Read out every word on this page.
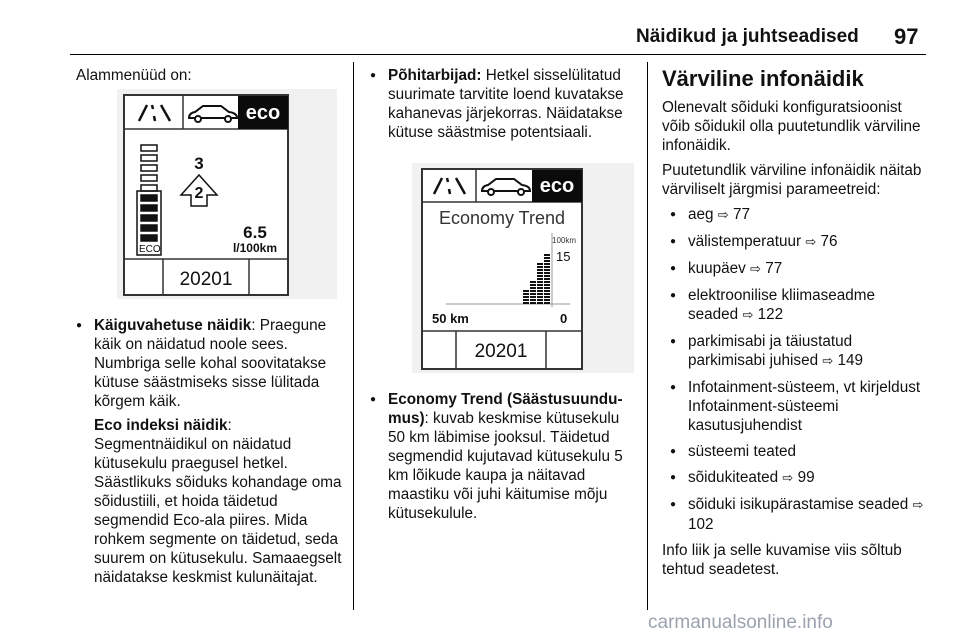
Näidikud ja juhtseadised 97

Alammenüüd on:

eco
ECO
3
2
6.5
l/100km
20201

● Käiguvahetuse näidik: Praegune käik on näidatud noole sees. Numbriga selle kohal soovitatakse kütuse säästmiseks sisse lülitada kõrgem käik.

Eco indeksi näidik:
Segmentnäidikul on näidatud kütusekulu praegusel hetkel. Säästlikuks sõiduks kohandage oma sõidustiili, et hoida täidetud segmendid Eco-ala piires. Mida rohkem segmente on täidetud, seda suurem on kütusekulu. Samaaegselt näidatakse keskmist kulunäitajat.

● Põhitarbijad: Hetkel sisselülitatud suurimate tarvitite loend kuvatakse kahanevas järjekorras. Näidatakse kütuse säästmise potentsiaali.

eco
Economy Trend
100km
15
50 km	0
20201

● Economy Trend (Säästusuundu-mus): kuvab keskmise kütusekulu 50 km läbimise jooksul. Täidetud segmendid kujutavad kütusekulu 5 km lõikude kaupa ja näitavad maastiku või juhi käitumise mõju kütusekulule.

Värviline infonäidik

Olenevalt sõiduki konfiguratsioonist võib sõidukil olla puutetundlik värviline infonäidik.

Puutetundlik värviline infonäidik näitab värviliselt järgmisi parameetreid:

● aeg ⇨ 77

● välistemperatuur ⇨ 76

● kuupäev ⇨ 77

● elektroonilise kliimaseadme seaded ⇨ 122

● parkimisabi ja täiustatud parkimisabi juhised ⇨ 149

● Infotainment-süsteem, vt kirjeldust Infotainment-süsteemi kasutusjuhendist

● süsteemi teated

● sõidukiteated ⇨ 99

● sõiduki isikupärastamise seaded ⇨ 102

Info liik ja selle kuvamise viis sõltub tehtud seadetest.

carmanualsonline.info
